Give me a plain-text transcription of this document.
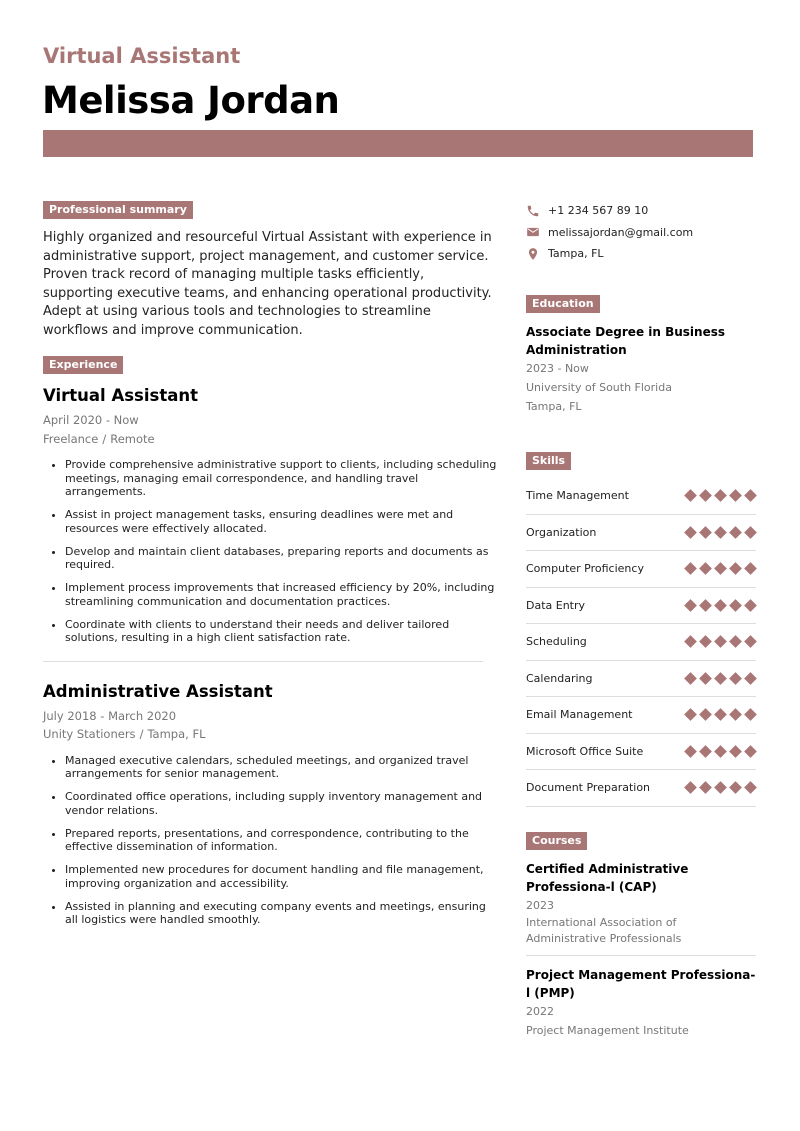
Virtual Assistant
Melissa Jordan
Professional summary
Highly organized and resourceful Virtual Assistant with experience in administrative support, project management, and customer service. Proven track record of managing multiple tasks efficiently, supporting executive teams, and enhancing operational productivity. Adept at using various tools and technologies to streamline workflows and improve communication.
Experience
Virtual Assistant
April 2020 - Now
Freelance / Remote
• Provide comprehensive administrative support to clients, including scheduling meetings, managing email correspondence, and handling travel arrangements.
• Assist in project management tasks, ensuring deadlines were met and resources were effectively allocated.
• Develop and maintain client databases, preparing reports and documents as required.
• Implement process improvements that increased efficiency by 20%, including streamlining communication and documentation practices.
• Coordinate with clients to understand their needs and deliver tailored solutions, resulting in a high client satisfaction rate.
Administrative Assistant
July 2018 - March 2020
Unity Stationers / Tampa, FL
• Managed executive calendars, scheduled meetings, and organized travel arrangements for senior management.
• Coordinated office operations, including supply inventory management and vendor relations.
• Prepared reports, presentations, and correspondence, contributing to the effective dissemination of information.
• Implemented new procedures for document handling and file management, improving organization and accessibility.
• Assisted in planning and executing company events and meetings, ensuring all logistics were handled smoothly.
+1 234 567 89 10
melissajordan@gmail.com
Tampa, FL
Education
Associate Degree in Business Administration
2023 - Now
University of South Florida
Tampa, FL
Skills
Time Management
Organization
Computer Proficiency
Data Entry
Scheduling
Calendaring
Email Management
Microsoft Office Suite
Document Preparation
Courses
Certified Administrative Professiona-l (CAP)
2023
International Association of Administrative Professionals
Project Management Professiona-l (PMP)
2022
Project Management Institute
